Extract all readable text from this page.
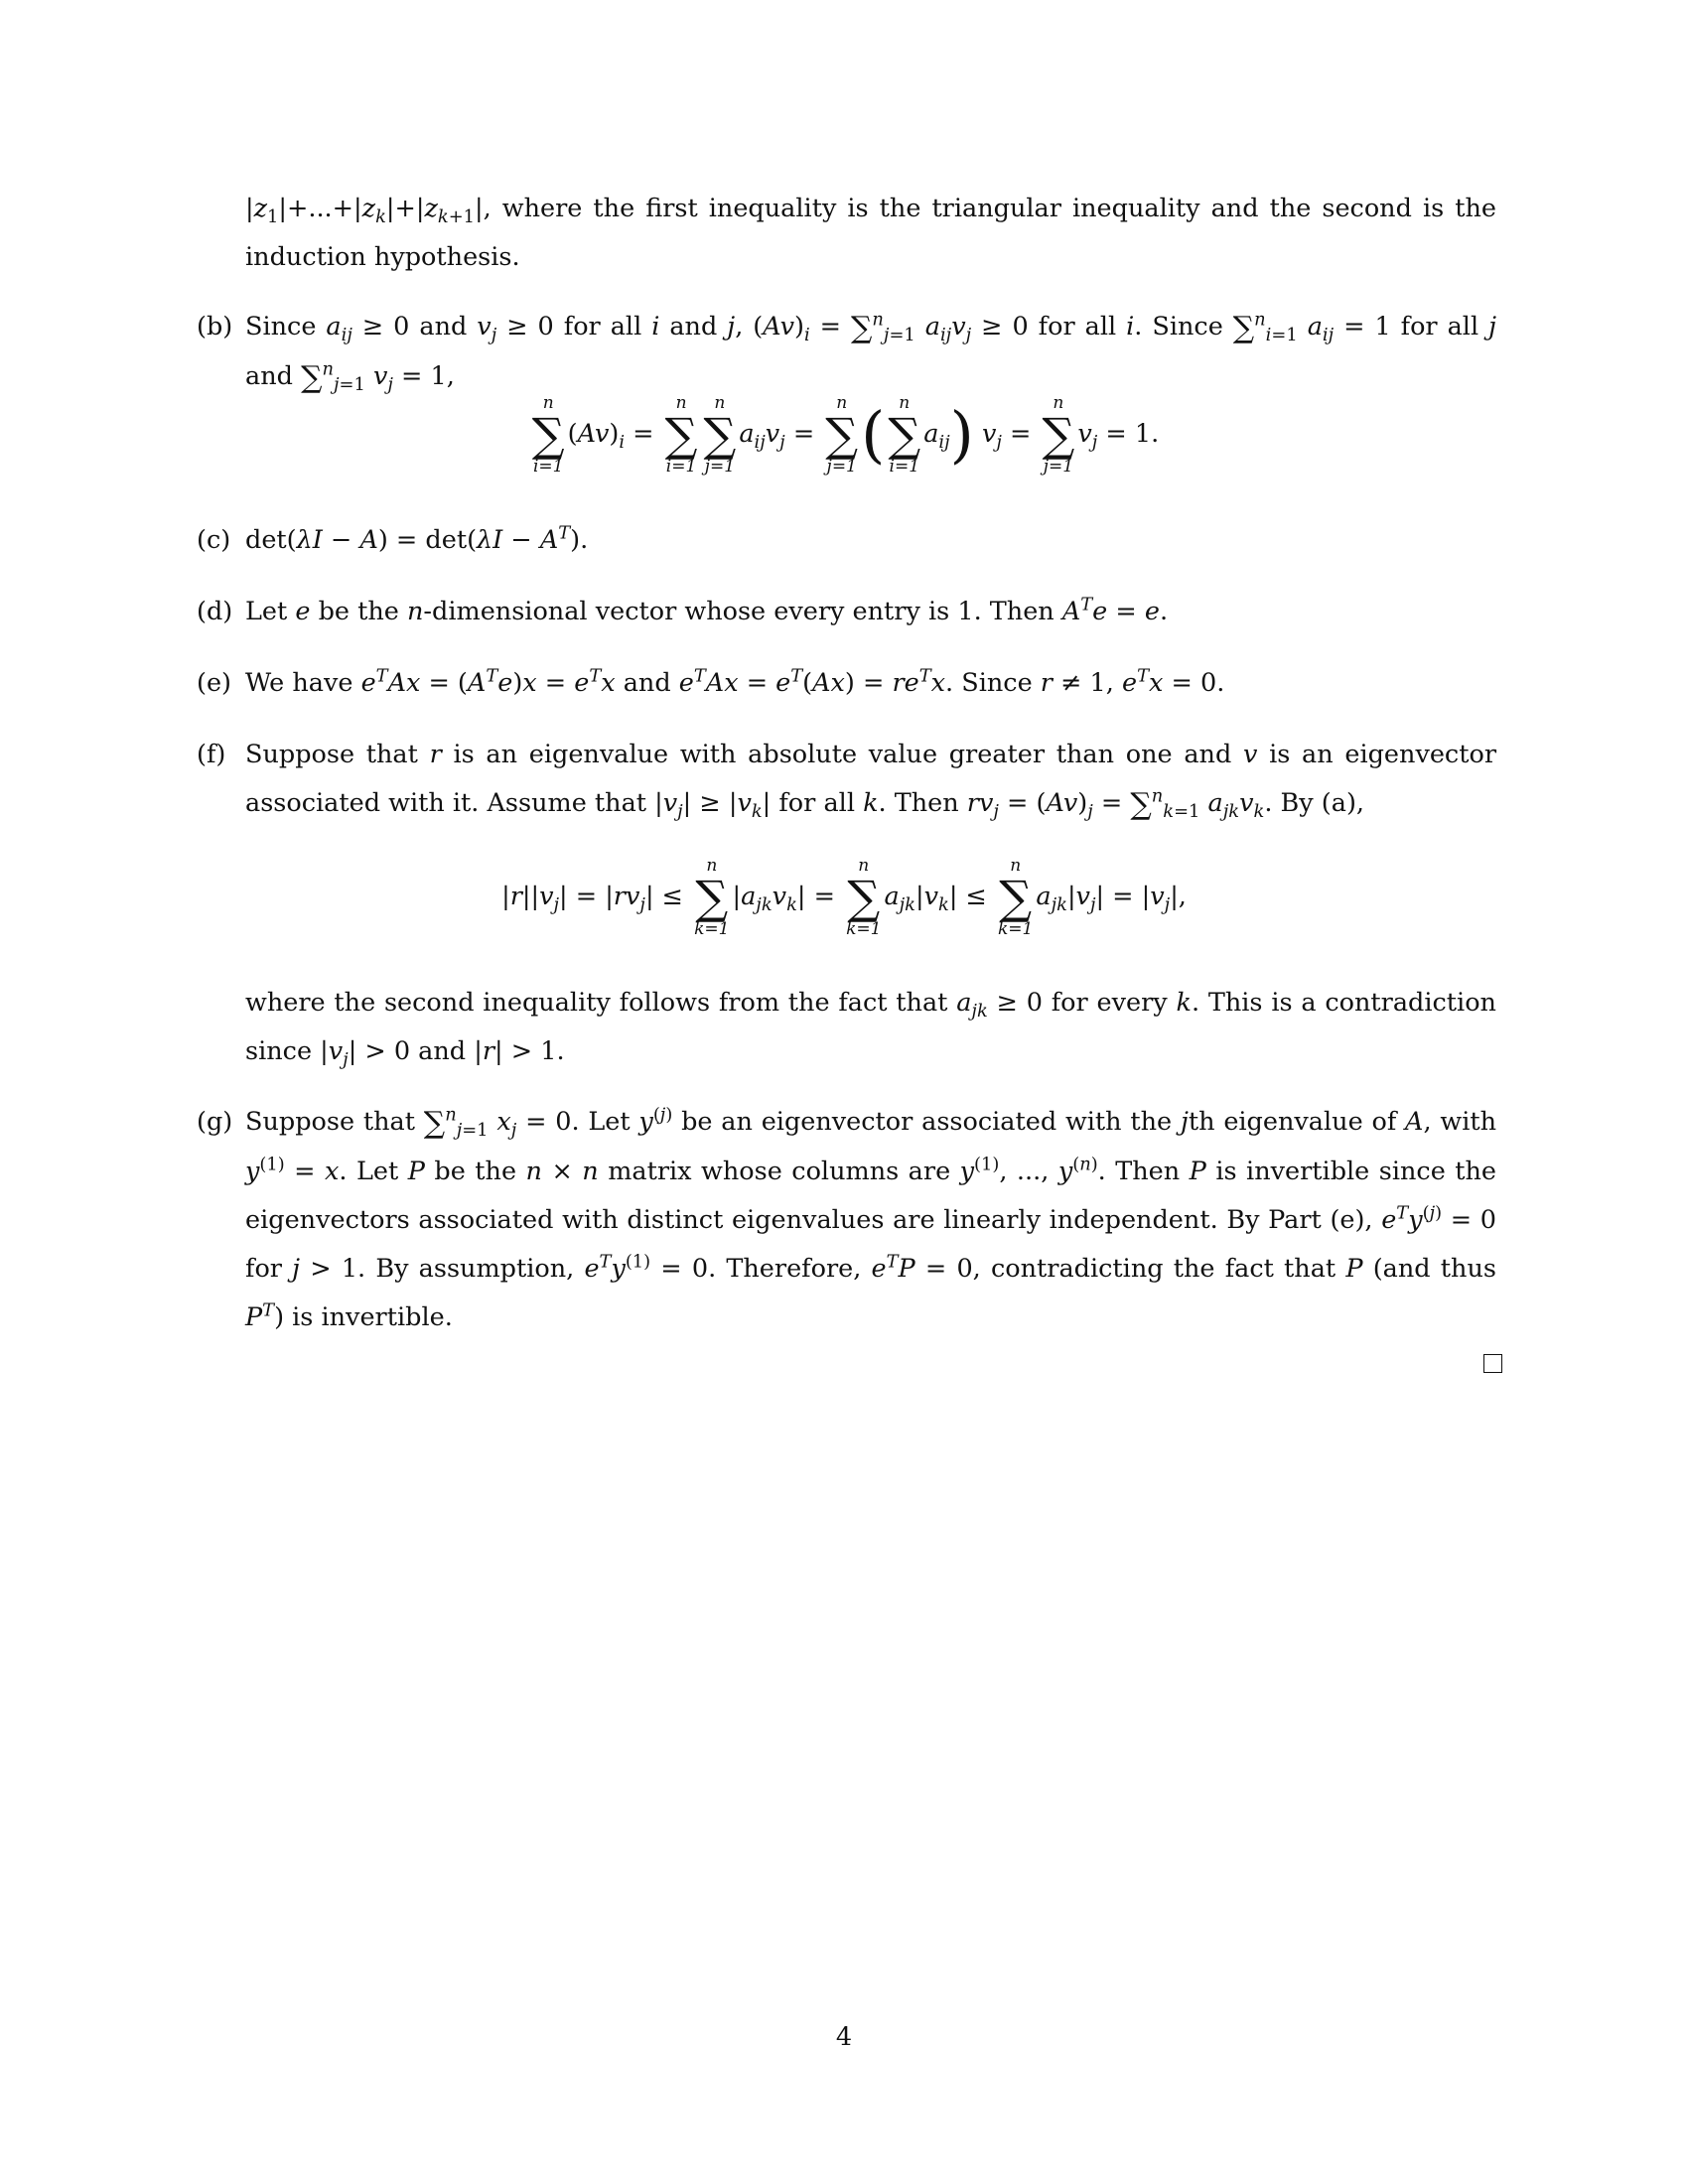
$|z_1|+...+|z_k|+|z_{k+1}|$, where the first inequality is the triangular inequality and the second is the induction hypothesis.
(b) Since $a_{ij} \ge 0$ and $v_j \ge 0$ for all i and j, $(Av)_i = \sum^n_{j=1}$ $a_{ij}v_j \ge 0$ for all i. Since ∑$^n_{i=1}$ $a_{ij} = 1$ for all j and ∑$^n_{j=1}$ $v_j = 1$,
n
∑
i=1
$(Av)_i$ =
n
∑
i=1
n
∑
j=1
$a_{ij}v_j$ =
n
∑
j=1 ( n
∑
i=1
$a_{ij}$) $v_j$ =
n
∑
j=1
$v_j = 1$.
(c) $\det(\lambda I - A) = \det(\lambda I - A^T)$.
(d) Let e be the n-dimensional vector whose every entry is 1. Then $A^Te = e$.
(e) We have $e^TAx = (A^Te)x = e^Tx$ and $e^TAx = e^T(Ax) = re^Tx$. Since r ≠ 1, $e^Tx = 0$.
(f) Suppose that r is an eigenvalue with absolute value greater than one and v is an eigenvector associated with it. Assume that $|v_j| \ge |v_k|$ for all k. Then $rv_j = (Av)_j = \sum^n_{k=1}$ $a_{jk}v_k$. By (a),
$|r||v_j| = |rv_j|$ ≤
n
∑
k=1
$|a_{jk}v_k|$ =
n
∑
k=1
$a_{jk}|v_k|$ ≤
n
∑
k=1
$a_{jk}|v_j| = |v_j|$,
where the second inequality follows from the fact that $a_{jk} \ge 0$ for every k. This is a contradiction since $|v_j| > 0$ and |r| > 1.
(g) Suppose that ∑$^n_{j=1}$ $x_j = 0$. Let $y^{(j)}$ be an eigenvector associated with the jth eigenvalue of A, with $y^{(1)} = x$. Let P be the n × n matrix whose columns are $y^{(1)}$, ..., $y^{(n)}$. Then P is invertible since the eigenvectors associated with distinct eigenvalues are linearly independent. By Part (e), $e^Ty^{(j)} = 0$ for j > 1. By assumption, $e^Ty^{(1)} = 0$. Therefore, $e^TP = 0$, contradicting the fact that P (and thus $P^T$) is invertible.
4
